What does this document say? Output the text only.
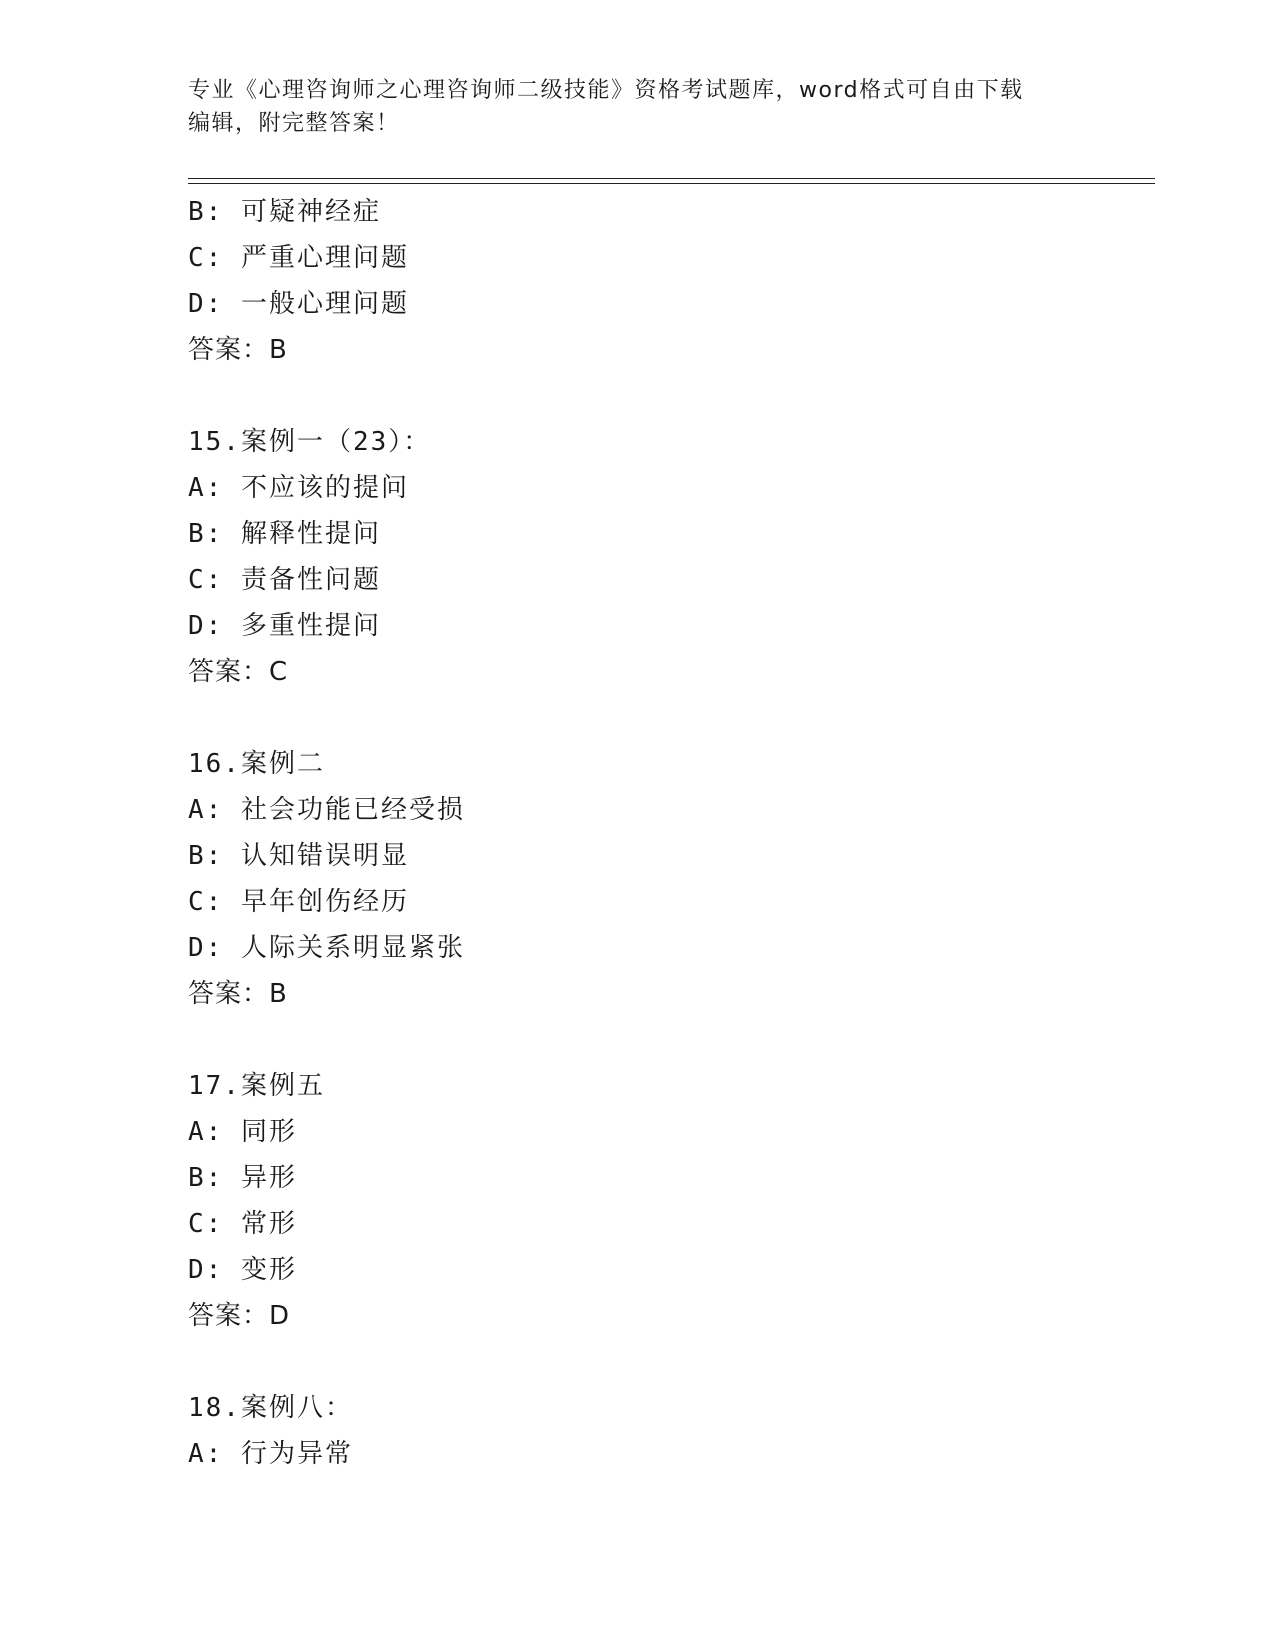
专业《心理咨询师之心理咨询师二级技能》资格考试题库，word格式可自由下载
编辑，附完整答案！
B: 可疑神经症
C: 严重心理问题
D: 一般心理问题
答案：B
15.案例一（23）：
A: 不应该的提问
B: 解释性提问
C: 责备性问题
D: 多重性提问
答案：C
16.案例二
A: 社会功能已经受损
B: 认知错误明显
C: 早年创伤经历
D: 人际关系明显紧张
答案：B
17.案例五
A: 同形
B: 异形
C: 常形
D: 变形
答案：D
18.案例八：
A: 行为异常
